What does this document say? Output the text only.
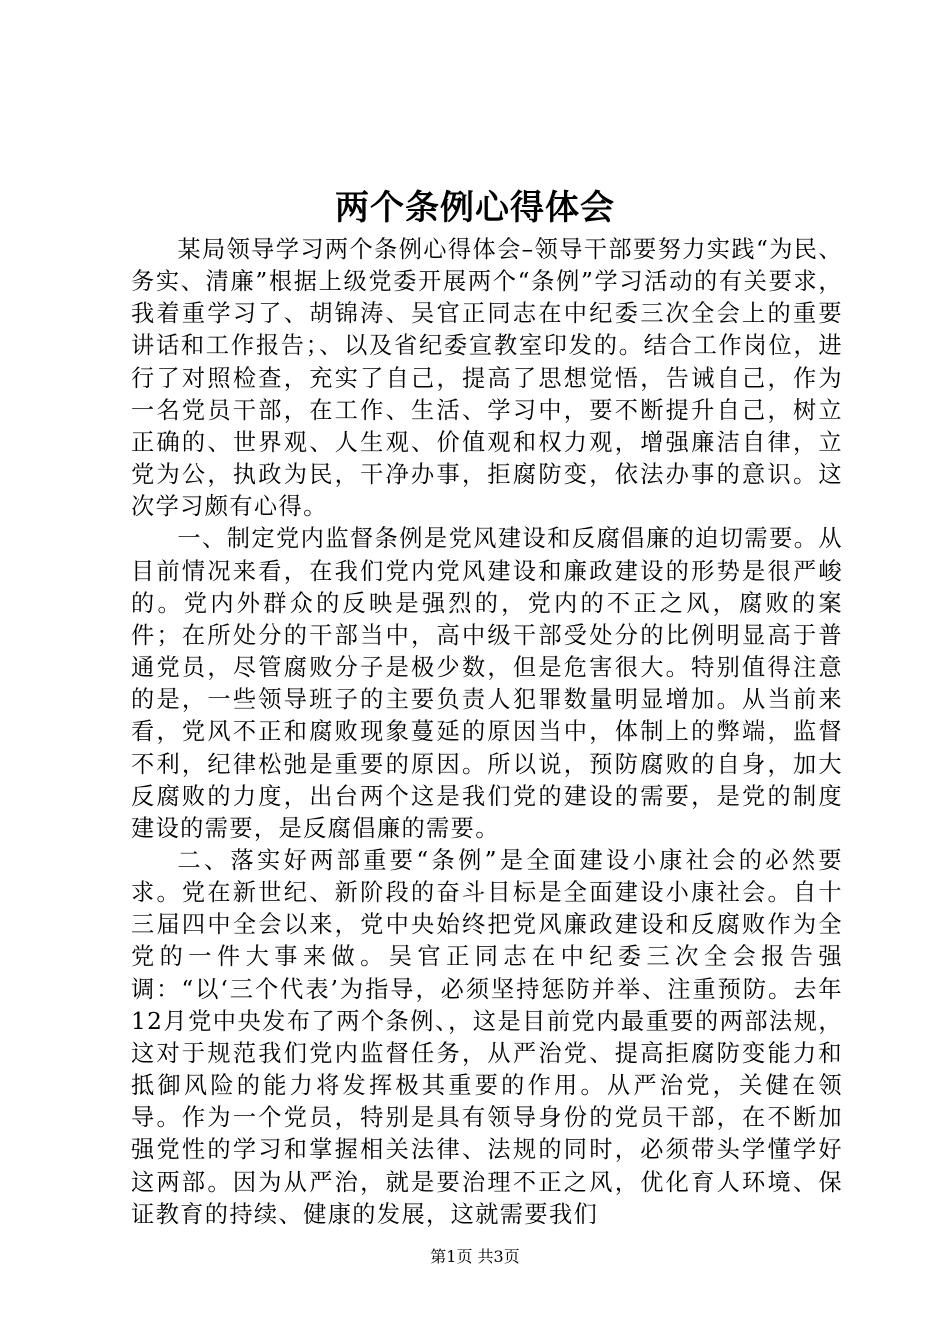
两个条例心得体会

某局领导学习两个条例心得体会–领导干部要努力实践“为民、务实、清廉”根据上级党委开展两个“条例”学习活动的有关要求，我着重学习了、胡锦涛、吴官正同志在中纪委三次全会上的重要讲话和工作报告；、以及省纪委宣教室印发的。结合工作岗位，进行了对照检查，充实了自己，提高了思想觉悟，告诫自己，作为一名党员干部，在工作、生活、学习中，要不断提升自己，树立正确的、世界观、人生观、价值观和权力观，增强廉洁自律，立党为公，执政为民，干净办事，拒腐防变，依法办事的意识。这次学习颇有心得。

一、制定党内监督条例是党风建设和反腐倡廉的迫切需要。从目前情况来看，在我们党内党风建设和廉政建设的形势是很严峻的。党内外群众的反映是强烈的，党内的不正之风，腐败的案件；在所处分的干部当中，高中级干部受处分的比例明显高于普通党员，尽管腐败分子是极少数，但是危害很大。特别值得注意的是，一些领导班子的主要负责人犯罪数量明显增加。从当前来看，党风不正和腐败现象蔓延的原因当中，体制上的弊端，监督不利，纪律松弛是重要的原因。所以说，预防腐败的自身，加大反腐败的力度，出台两个这是我们党的建设的需要，是党的制度建设的需要，是反腐倡廉的需要。

二、落实好两部重要“条例”是全面建设小康社会的必然要求。党在新世纪、新阶段的奋斗目标是全面建设小康社会。自十三届四中全会以来，党中央始终把党风廉政建设和反腐败作为全党的一件大事来做。吴官正同志在中纪委三次全会报告强调：“以‘三个代表’为指导，必须坚持惩防并举、注重预防。去年12月党中央发布了两个条例、，这是目前党内最重要的两部法规，这对于规范我们党内监督任务，从严治党、提高拒腐防变能力和抵御风险的能力将发挥极其重要的作用。从严治党，关健在领导。作为一个党员，特别是具有领导身份的党员干部，在不断加强党性的学习和掌握相关法律、法规的同时，必须带头学懂学好这两部。因为从严治，就是要治理不正之风，优化育人环境、保证教育的持续、健康的发展，这就需要我们

第1页 共3页
